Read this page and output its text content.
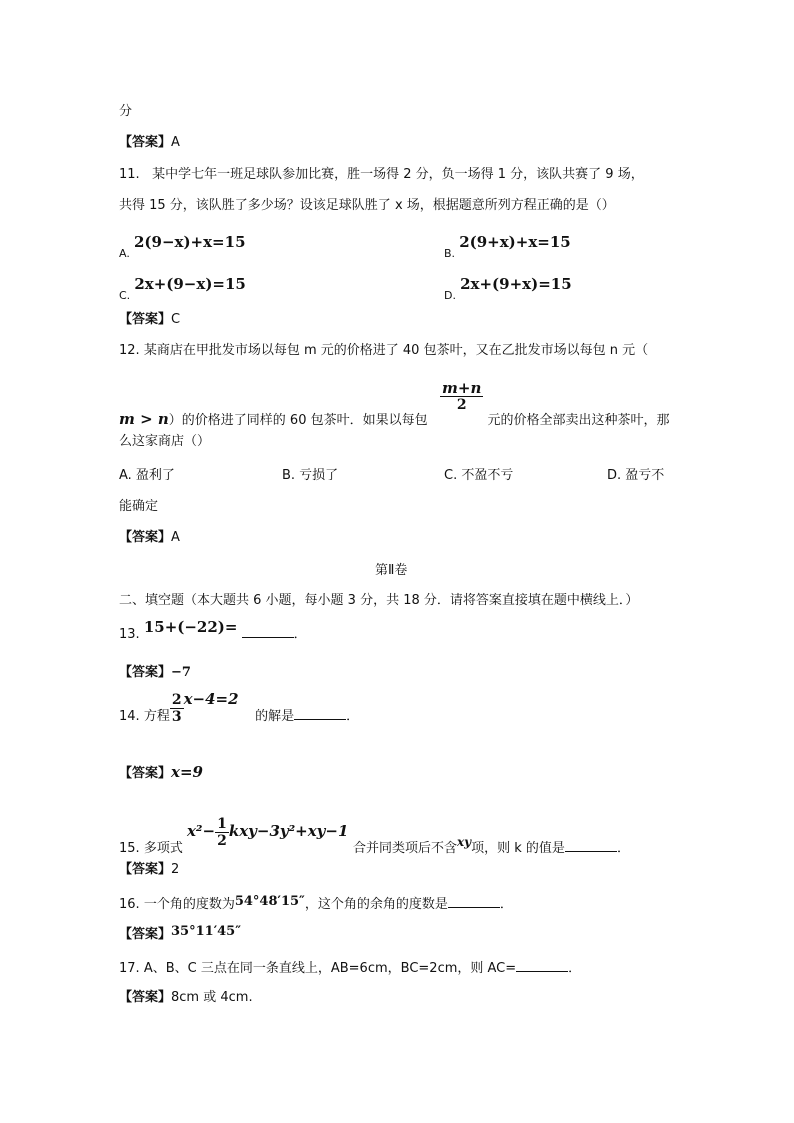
分
【答案】A
11. 某中学七年一班足球队参加比赛，胜一场得 2 分，负一场得 1 分，该队共赛了 9 场，
共得 15 分，该队胜了多少场？设该足球队胜了 x 场，根据题意所列方程正确的是（）
$_{A.}$ 2(9−x)+x=15
$_{B.}$ 2(9+x)+x=15
$_{C.}$ 2x+(9−x)=15
$_{D.}$ 2x+(9+x)=15
【答案】C
12. 某商店在甲批发市场以每包 m 元的价格进了 40 包茶叶，又在乙批发市场以每包 n 元（
m > n）的价格进了同样的 60 包茶叶．如果以每包
$\frac{m+n}{2}$
元的价格全部卖出这种茶叶，那
么这家商店（）
A. 盈利了	B. 亏损了	C. 不盈不亏	D. 盈亏不
能确定
【答案】A
第Ⅱ卷
二、填空题（本大题共 6 小题，每小题 3 分，共 18 分．请将答案直接填在题中横线上．）
13. 15+(−22)=	．
【答案】−7
14. 方程 $\frac{2}{3} x-4=2$    的解是	．
【答案】x=9
15. 多项式 $x^2- \frac{1}{2} kxy-3y^2+xy-1$合并同类项后不含xy项，则 k 的值是	．
【答案】2
16. 一个角的度数为54°48′15″，这个角的余角的度数是	．
【答案】35°11′45″
17. A、B、C 三点在同一条直线上，AB=6cm，BC=2cm，则 AC=	．
【答案】8cm 或 4cm.
